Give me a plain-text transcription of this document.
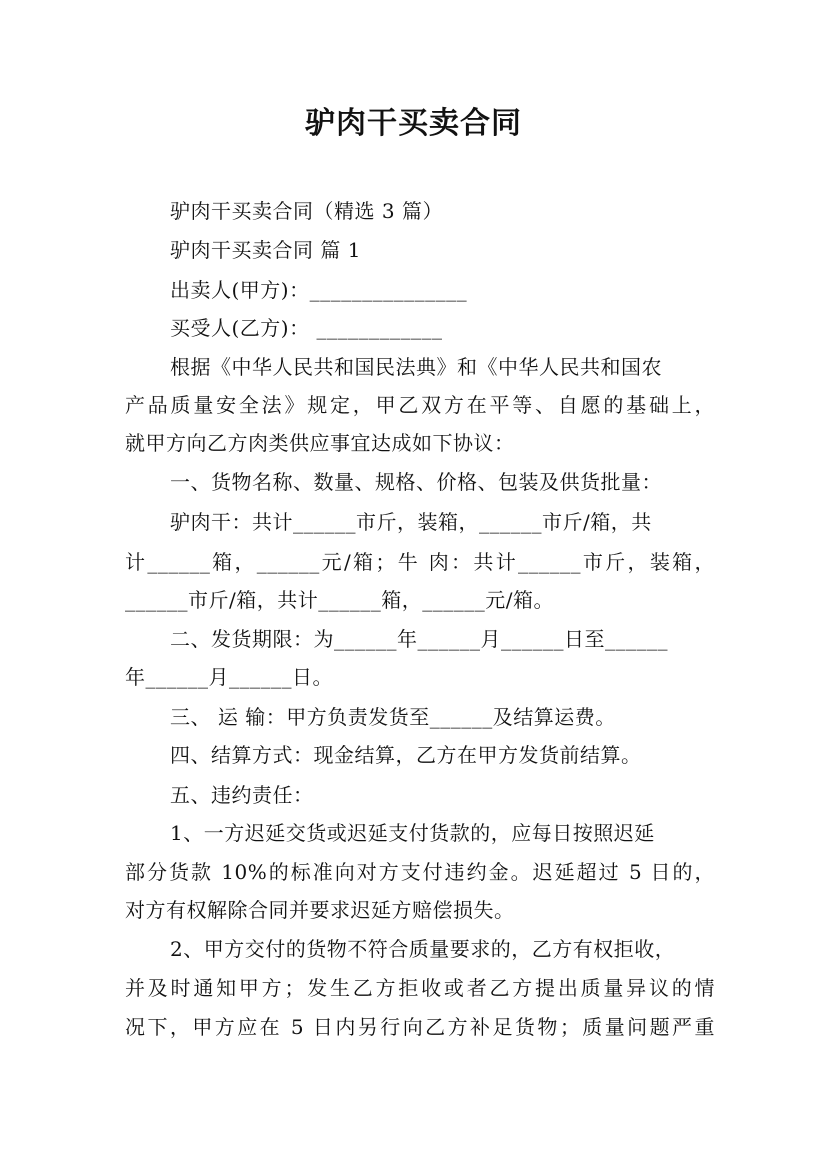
驴肉干买卖合同
驴肉干买卖合同（精选 3 篇）
驴肉干买卖合同 篇 1
出卖人(甲方)：_______________
买受人(乙方)： ____________
根据《中华人民共和国民法典》和《中华人民共和国农
产品质量安全法》规定，甲乙双方在平等、自愿的基础上，
就甲方向乙方肉类供应事宜达成如下协议：
一、货物名称、数量、规格、价格、包装及供货批量：
驴肉干：共计______市斤，装箱，______市斤/箱，共
计______箱，______元/箱；牛 肉：共计______市斤，装箱，
______市斤/箱，共计______箱，______元/箱。
二、发货期限：为______年______月______日至______
年______月______日。
三、 运 输：甲方负责发货至______及结算运费。
四、结算方式：现金结算，乙方在甲方发货前结算。
五、违约责任：
1、一方迟延交货或迟延支付货款的，应每日按照迟延
部分货款 10%的标准向对方支付违约金。迟延超过 5 日的，
对方有权解除合同并要求迟延方赔偿损失。
2、甲方交付的货物不符合质量要求的，乙方有权拒收，
并及时通知甲方；发生乙方拒收或者乙方提出质量异议的情
况下，甲方应在 5 日内另行向乙方补足货物；质量问题严重
